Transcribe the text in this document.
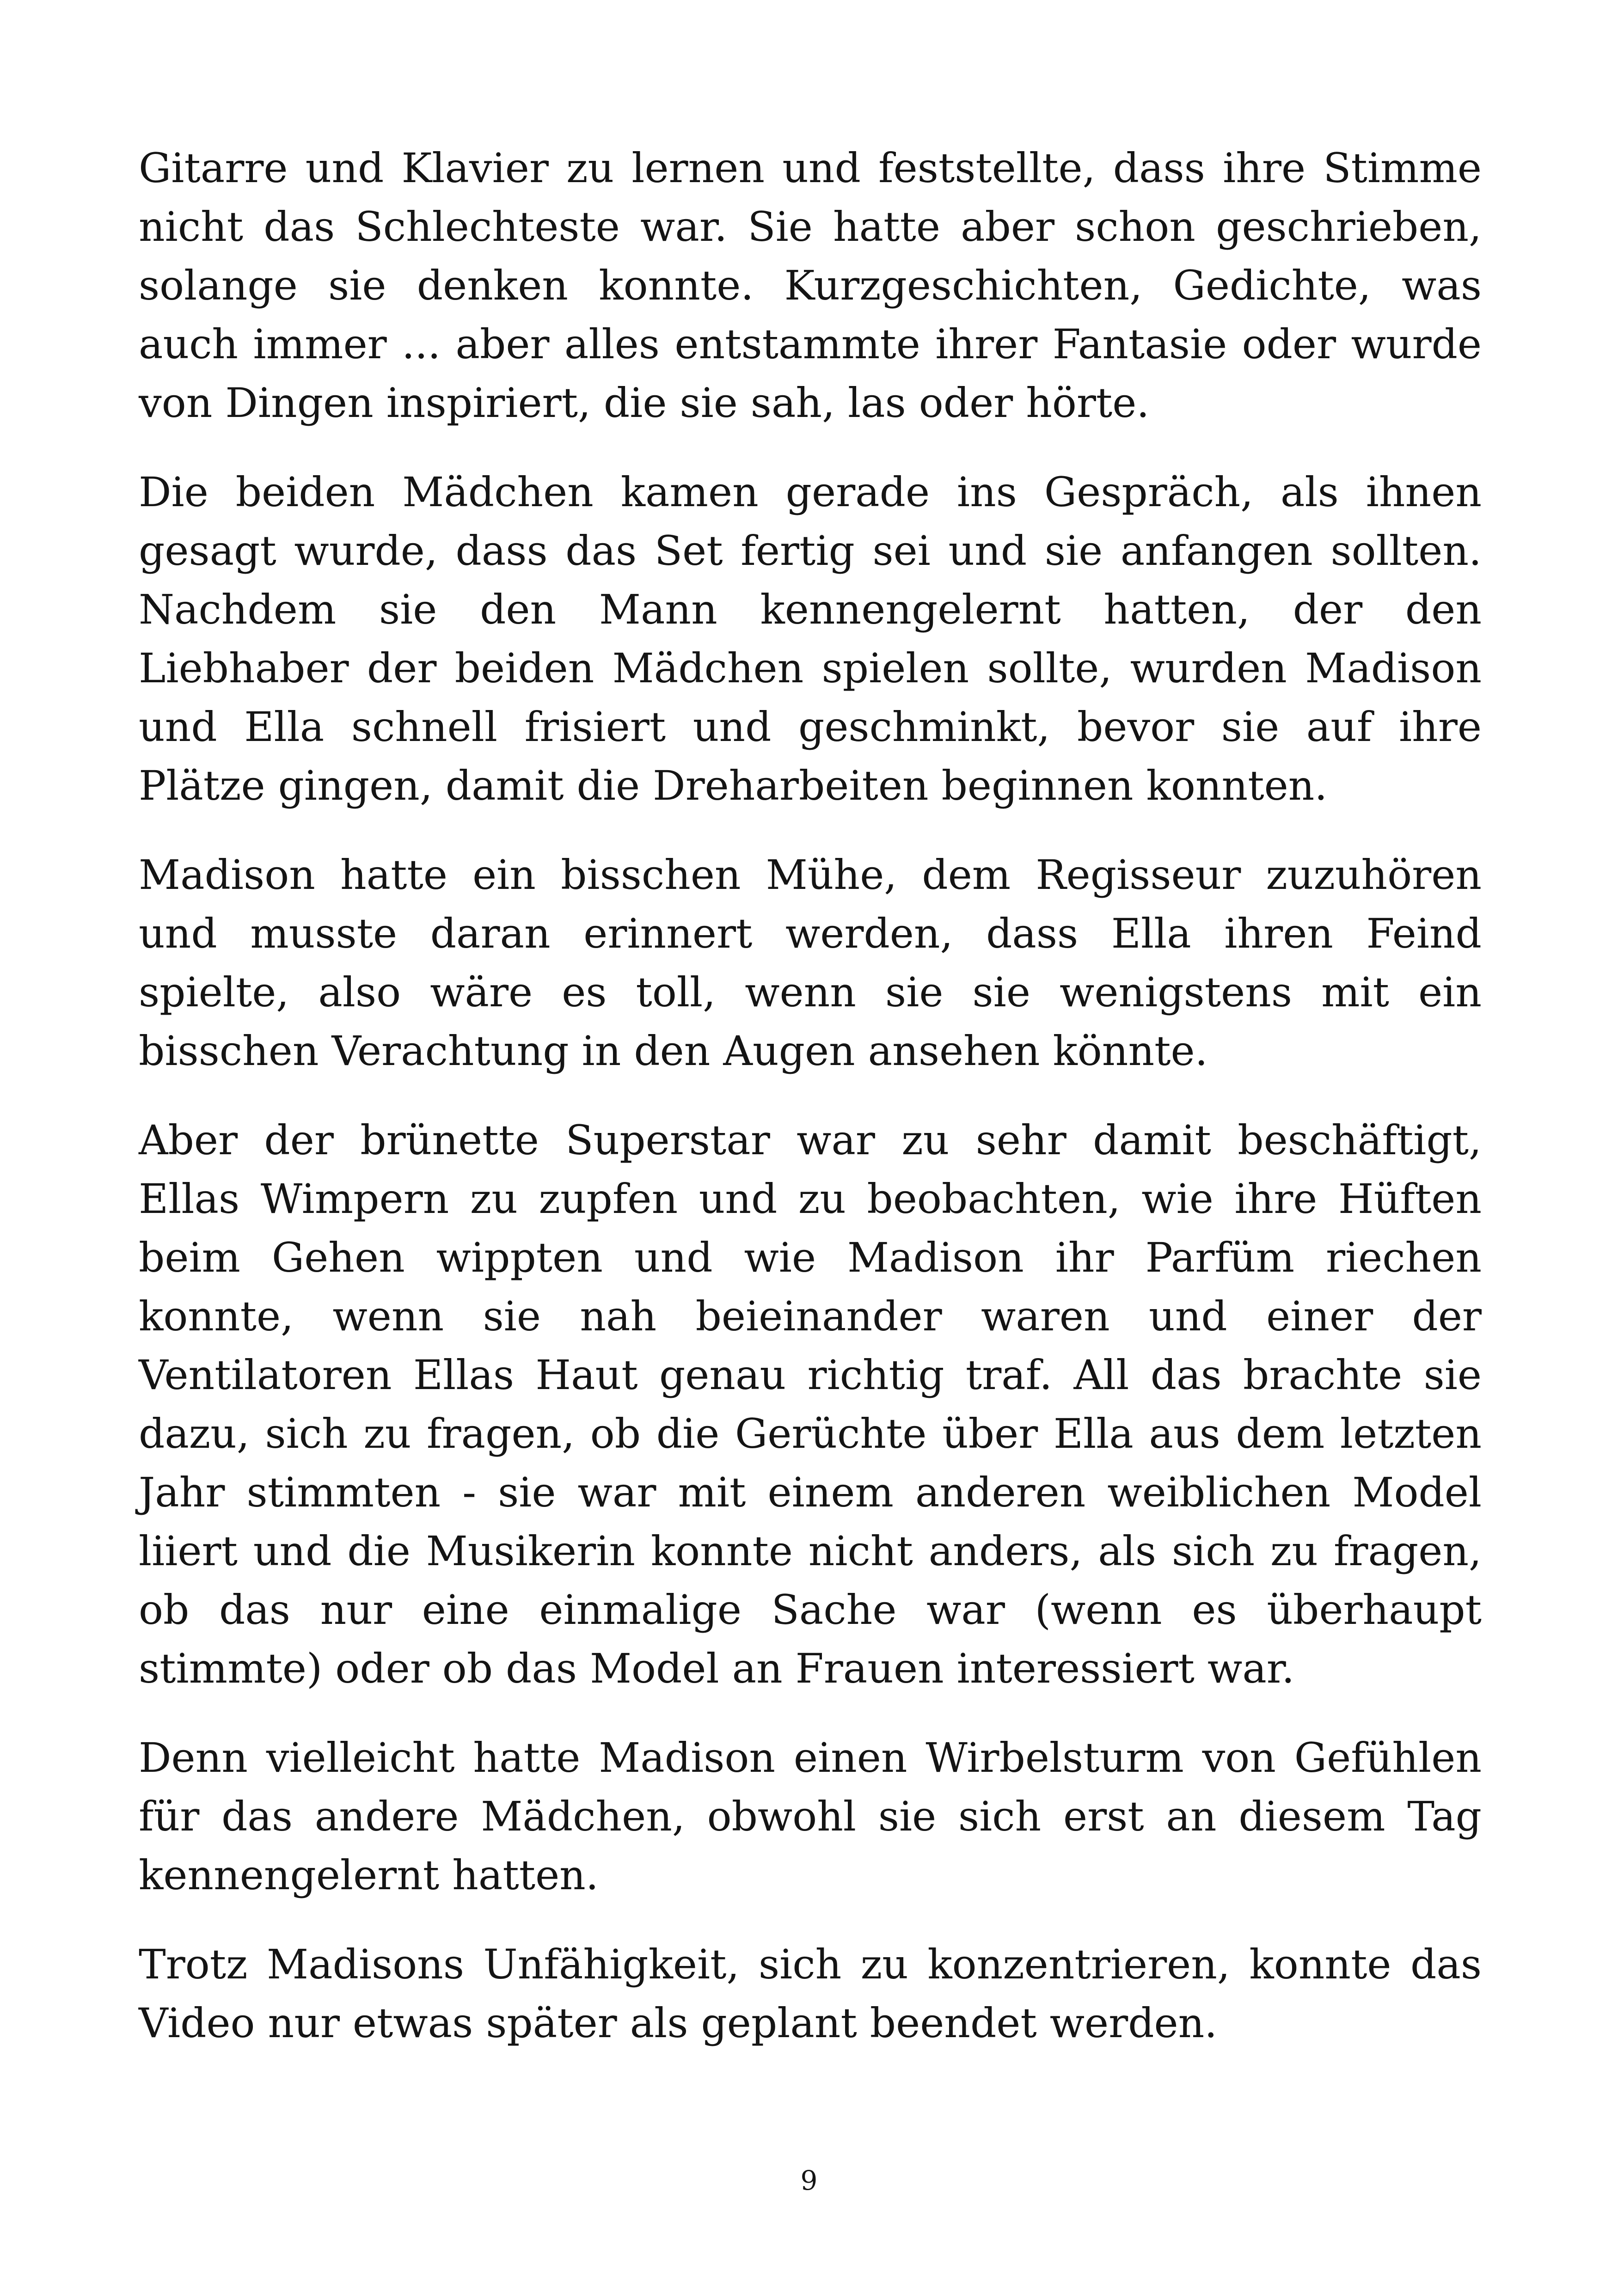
Gitarre und Klavier zu lernen und feststellte, dass ihre Stimme nicht das Schlechteste war. Sie hatte aber schon geschrieben, solange sie denken konnte. Kurzgeschichten, Gedichte, was auch immer ... aber alles entstammte ihrer Fantasie oder wurde von Dingen inspiriert, die sie sah, las oder hörte.

Die beiden Mädchen kamen gerade ins Gespräch, als ihnen gesagt wurde, dass das Set fertig sei und sie anfangen sollten. Nachdem sie den Mann kennengelernt hatten, der den Liebhaber der beiden Mädchen spielen sollte, wurden Madison und Ella schnell frisiert und geschminkt, bevor sie auf ihre Plätze gingen, damit die Dreharbeiten beginnen konnten.

Madison hatte ein bisschen Mühe, dem Regisseur zuzuhören und musste daran erinnert werden, dass Ella ihren Feind spielte, also wäre es toll, wenn sie sie wenigstens mit ein bisschen Verachtung in den Augen ansehen könnte.

Aber der brünette Superstar war zu sehr damit beschäftigt, Ellas Wimpern zu zupfen und zu beobachten, wie ihre Hüften beim Gehen wippten und wie Madison ihr Parfüm riechen konnte, wenn sie nah beieinander waren und einer der Ventilatoren Ellas Haut genau richtig traf. All das brachte sie dazu, sich zu fragen, ob die Gerüchte über Ella aus dem letzten Jahr stimmten - sie war mit einem anderen weiblichen Model liiert und die Musikerin konnte nicht anders, als sich zu fragen, ob das nur eine einmalige Sache war (wenn es überhaupt stimmte) oder ob das Model an Frauen interessiert war.

Denn vielleicht hatte Madison einen Wirbelsturm von Gefühlen für das andere Mädchen, obwohl sie sich erst an diesem Tag kennengelernt hatten.

Trotz Madisons Unfähigkeit, sich zu konzentrieren, konnte das Video nur etwas später als geplant beendet werden.

9
